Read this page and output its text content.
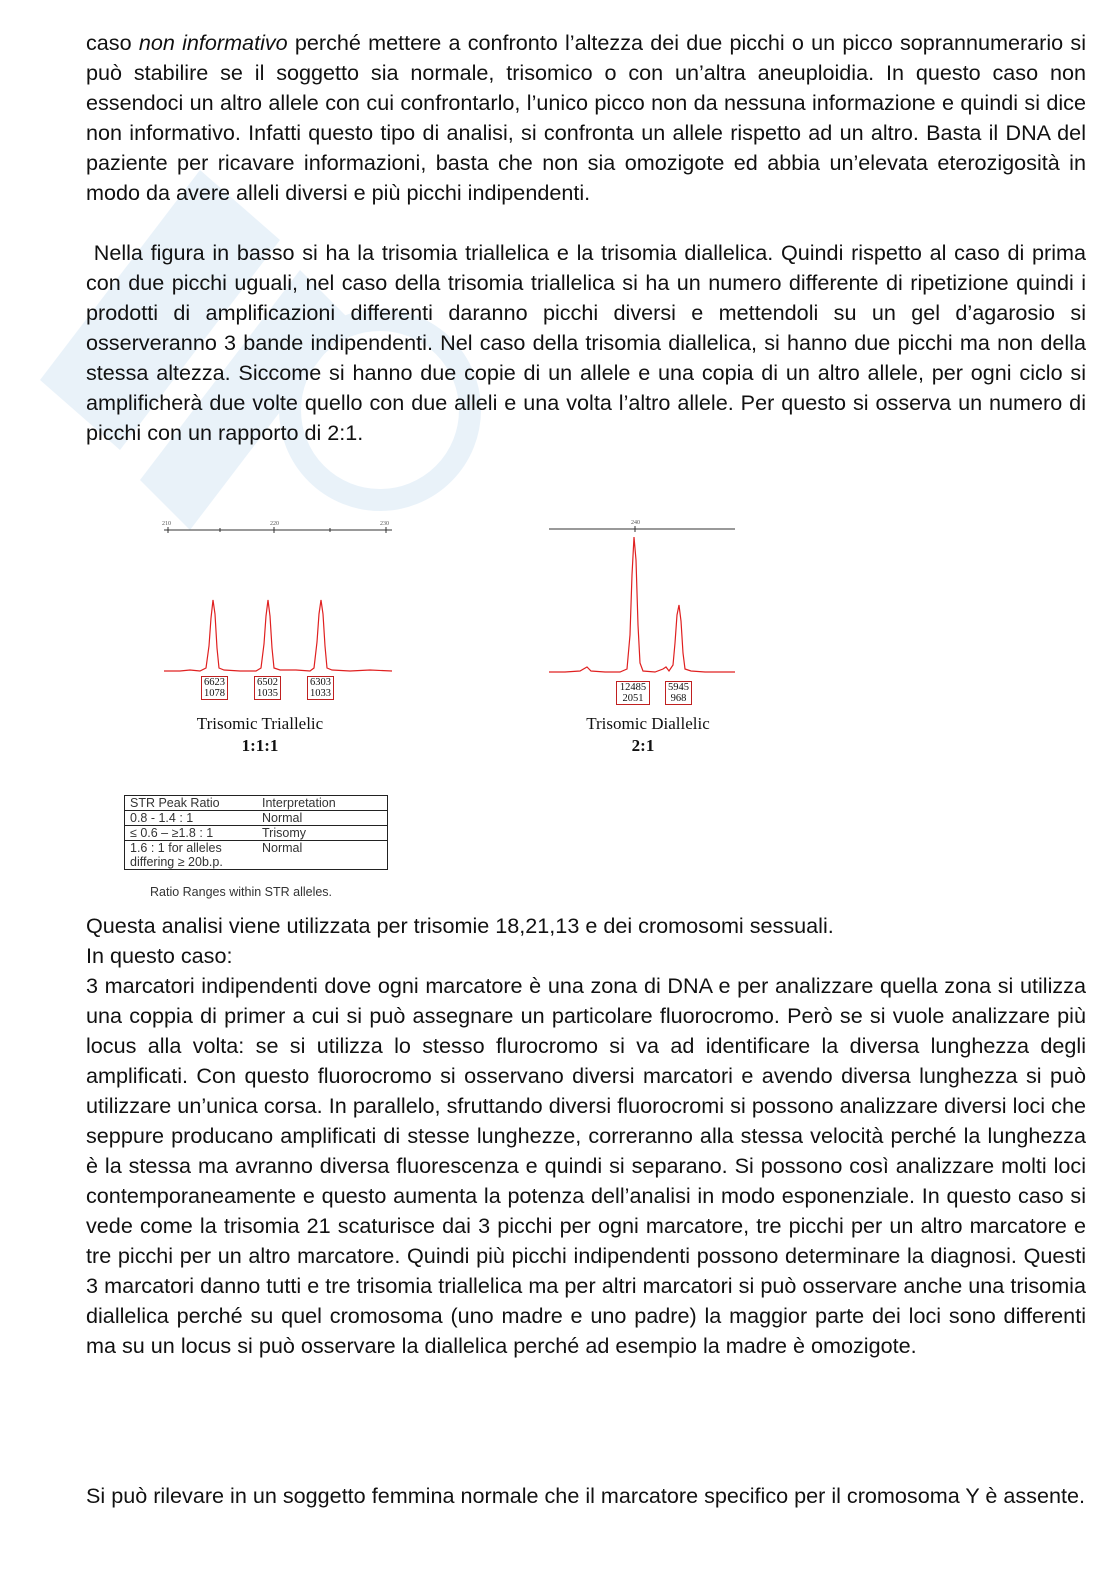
caso non informativo perché mettere a confronto l’altezza dei due picchi o un picco soprannumerario si può stabilire se il soggetto sia normale, trisomico o con un’altra aneuploidia. In questo caso non essendoci un altro allele con cui confrontarlo, l’unico picco non da nessuna informazione e quindi si dice non informativo. Infatti questo tipo di analisi, si confronta un allele rispetto ad un altro. Basta il DNA del paziente per ricavare informazioni, basta che non sia omozigote ed abbia un’elevata eterozigosità in modo da avere alleli diversi e più picchi indipendenti.

Nella figura in basso si ha la trisomia triallelica e la trisomia diallelica. Quindi rispetto al caso di prima con due picchi uguali, nel caso della trisomia triallelica si ha un numero differente di ripetizione quindi i prodotti di amplificazioni differenti daranno picchi diversi e mettendoli su un gel d’agarosio si osserveranno 3 bande indipendenti. Nel caso della trisomia diallelica, si hanno due picchi ma non della stessa altezza. Siccome si hanno due copie di un allele e una copia di un altro allele, per ogni ciclo si amplificherà due volte quello con due alleli e una volta l’altro allele. Per questo si osserva un numero di picchi con un rapporto di 2:1.

210	220	230
6623
1078
6502
1035
6303
1033
Trisomic Triallelic
1:1:1
240
12485
2051
5945
968
Trisomic Diallelic
2:1
STR Peak Ratio	Interpretation
0.8 - 1.4 : 1	Normal
≤ 0.6 – ≥1.8 : 1	Trisomy
1.6 : 1 for alleles differing ≥ 20b.p.	Normal
Ratio Ranges within STR alleles.

Questa analisi viene utilizzata per trisomie 18,21,13 e dei cromosomi sessuali.

In questo caso:

3 marcatori indipendenti dove ogni marcatore è una zona di DNA e per analizzare quella zona si utilizza una coppia di primer a cui si può assegnare un particolare fluorocromo. Però se si vuole analizzare più locus alla volta: se si utilizza lo stesso flurocromo si va ad identificare la diversa lunghezza degli amplificati. Con questo fluorocromo si osservano diversi marcatori e avendo diversa lunghezza si può utilizzare un’unica corsa. In parallelo, sfruttando diversi fluorocromi si possono analizzare diversi loci che seppure producano amplificati di stesse lunghezze, correranno alla stessa velocità perché la lunghezza è la stessa ma avranno diversa fluorescenza e quindi si separano. Si possono così analizzare molti loci contemporaneamente e questo aumenta la potenza dell’analisi in modo esponenziale. In questo caso si vede come la trisomia 21 scaturisce dai 3 picchi per ogni marcatore, tre picchi per un altro marcatore e tre picchi per un altro marcatore. Quindi più picchi indipendenti possono determinare la diagnosi. Questi 3 marcatori danno tutti e tre trisomia triallelica ma per altri marcatori si può osservare anche una trisomia diallelica perché su quel cromosoma (uno madre e uno padre) la maggior parte dei loci sono differenti ma su un locus si può osservare la diallelica perché ad esempio la madre è omozigote.

Si può rilevare in un soggetto femmina normale che il marcatore specifico per il cromosoma Y è assente.
